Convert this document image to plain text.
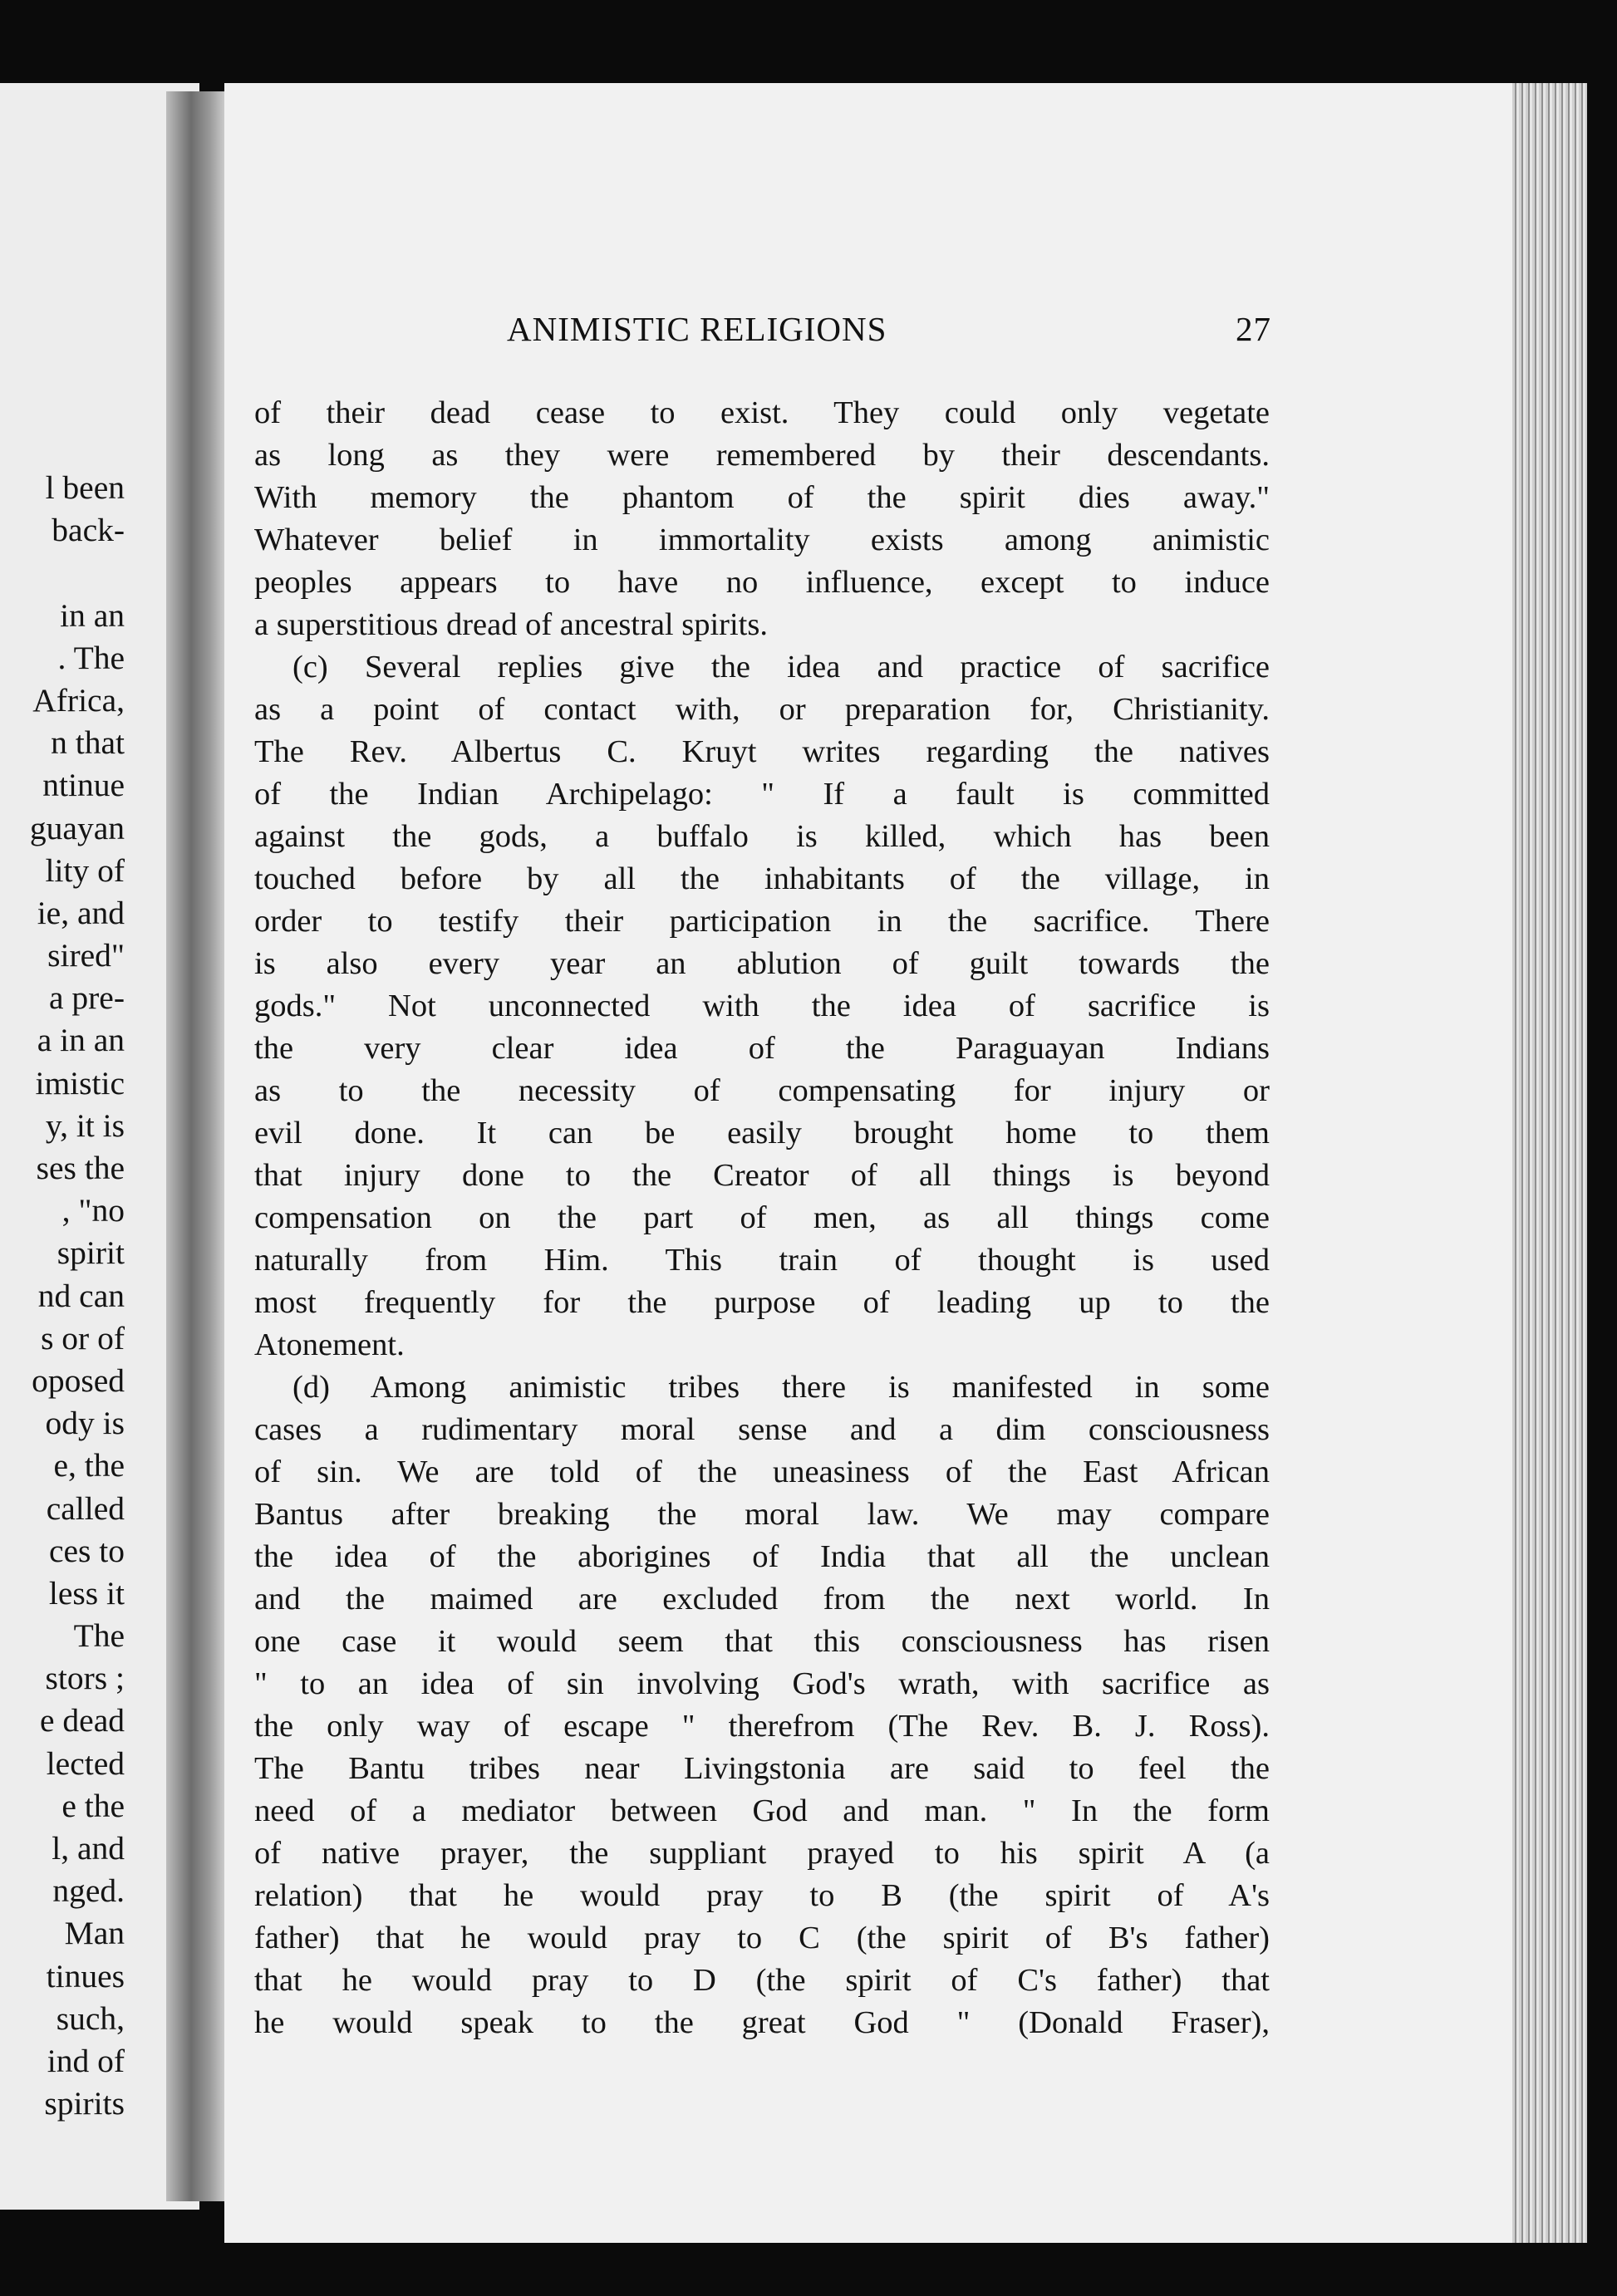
l been
back-
in an
. The
Africa,
n that
ntinue
guayan
lity of
ie, and
sired"
a pre-
a in an
imistic
y, it is
ses the
, "no
spirit
nd can
s or of
oposed
ody is
e, the
called
ces to
less it
The
stors ;
e dead
lected
e the
l, and
nged.
Man
tinues
such,
ind of
spirits
ANIMISTIC RELIGIONS	27
of their dead cease to exist. They could only vegetate
as long as they were remembered by their descendants.
With memory the phantom of the spirit dies away."
Whatever belief in immortality exists among animistic
peoples appears to have no influence, except to induce
a superstitious dread of ancestral spirits.
(c) Several replies give the idea and practice of sacrifice
as a point of contact with, or preparation for, Christianity.
The Rev. Albertus C. Kruyt writes regarding the natives
of the Indian Archipelago: " If a fault is committed
against the gods, a buffalo is killed, which has been
touched before by all the inhabitants of the village, in
order to testify their participation in the sacrifice. There
is also every year an ablution of guilt towards the
gods." Not unconnected with the idea of sacrifice is
the very clear idea of the Paraguayan Indians
as to the necessity of compensating for injury or
evil done. It can be easily brought home to them
that injury done to the Creator of all things is beyond
compensation on the part of men, as all things come
naturally from Him. This train of thought is used
most frequently for the purpose of leading up to the
Atonement.
(d) Among animistic tribes there is manifested in some
cases a rudimentary moral sense and a dim consciousness
of sin. We are told of the uneasiness of the East African
Bantus after breaking the moral law. We may compare
the idea of the aborigines of India that all the unclean
and the maimed are excluded from the next world. In
one case it would seem that this consciousness has risen
" to an idea of sin involving God's wrath, with sacrifice as
the only way of escape " therefrom (The Rev. B. J. Ross).
The Bantu tribes near Livingstonia are said to feel the
need of a mediator between God and man. " In the form
of native prayer, the suppliant prayed to his spirit A (a
relation) that he would pray to B (the spirit of A's
father) that he would pray to C (the spirit of B's father)
that he would pray to D (the spirit of C's father) that
he would speak to the great God " (Donald Fraser),
